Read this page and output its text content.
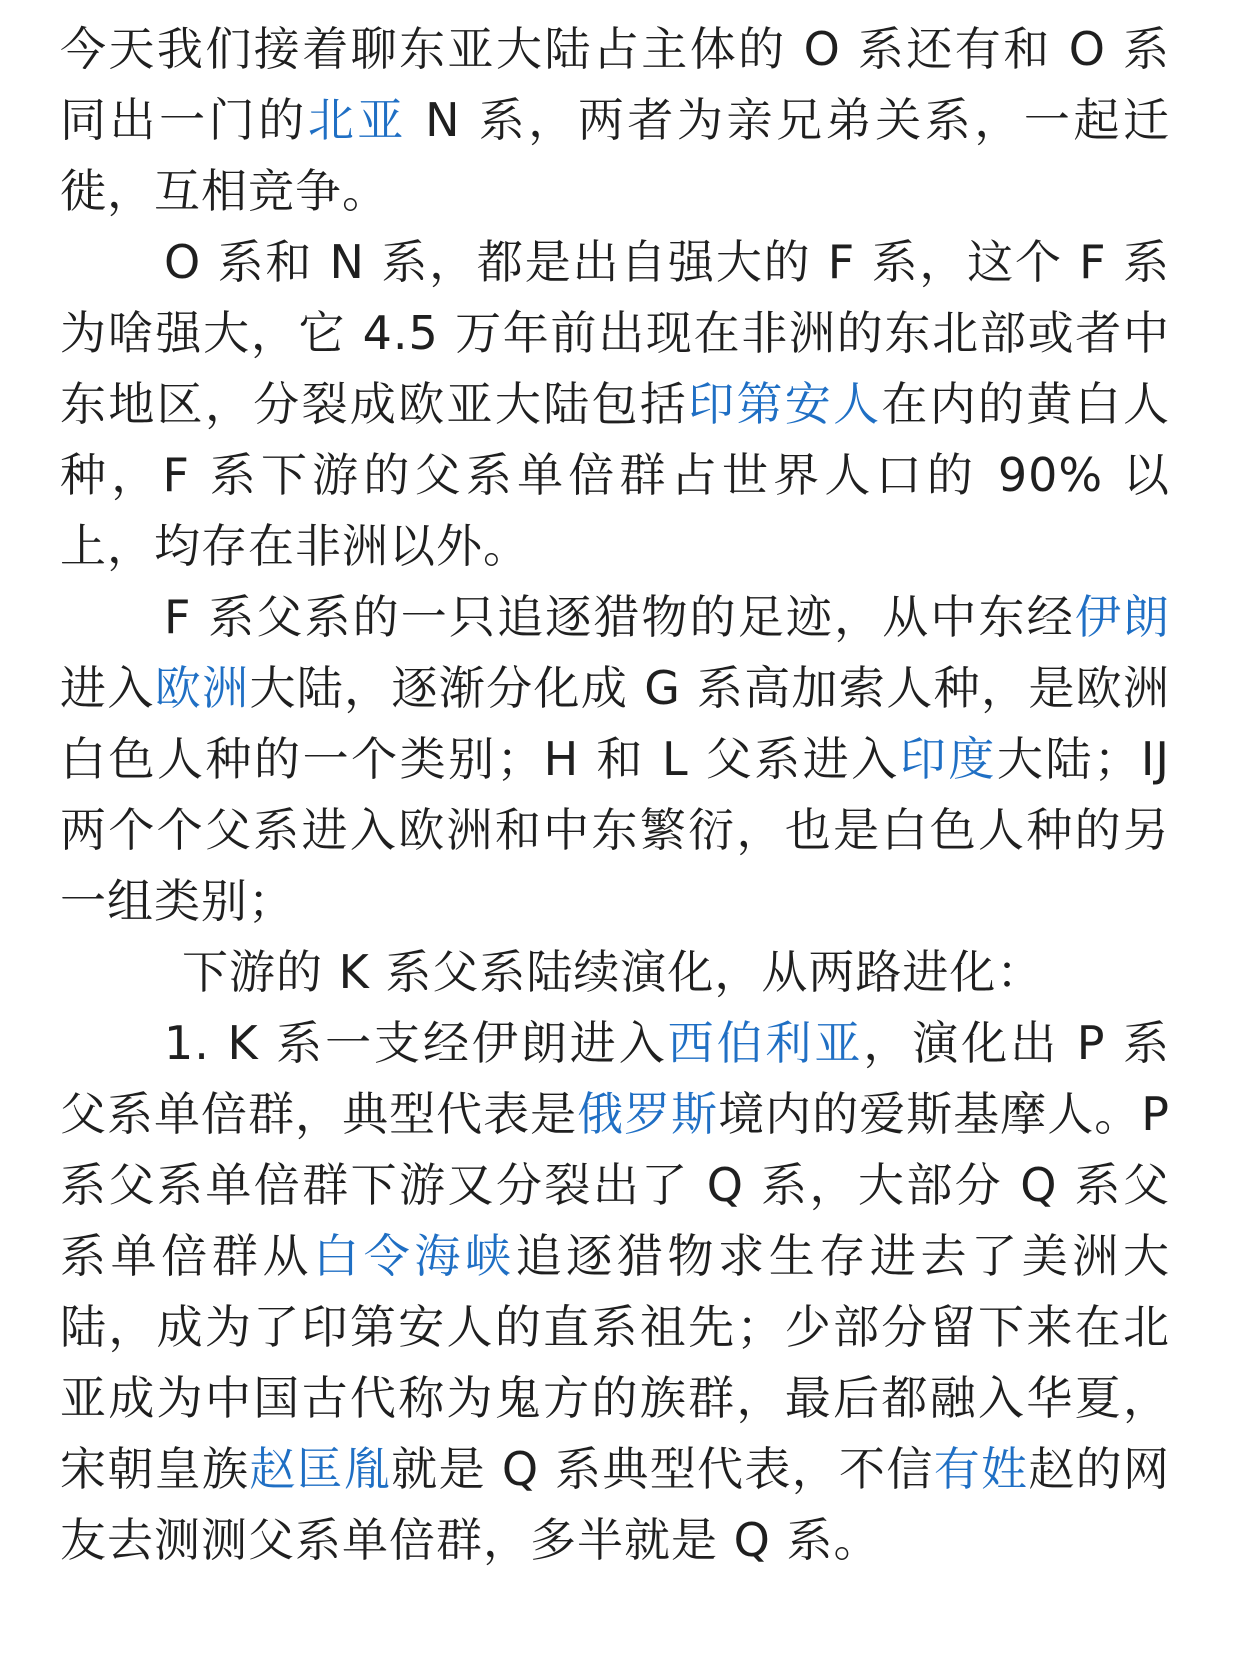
今天我们接着聊东亚大陆占主体的 O 系还有和 O 系同出一门的北亚 N 系，两者为亲兄弟关系，一起迁徙，互相竞争。

O 系和 N 系，都是出自强大的 F 系，这个 F 系为啥强大，它 4.5 万年前出现在非洲的东北部或者中东地区，分裂成欧亚大陆包括印第安人在内的黄白人种，F 系下游的父系单倍群占世界人口的 90% 以上，均存在非洲以外。

F 系父系的一只追逐猎物的足迹，从中东经伊朗进入欧洲大陆，逐渐分化成 G 系高加索人种，是欧洲白色人种的一个类别；H 和 L 父系进入印度大陆；IJ 两个个父系进入欧洲和中东繁衍，也是白色人种的另一组类别；

下游的 K 系父系陆续演化，从两路进化：

1. K 系一支经伊朗进入西伯利亚，演化出 P 系父系单倍群，典型代表是俄罗斯境内的爱斯基摩人。P 系父系单倍群下游又分裂出了 Q 系，大部分 Q 系父系单倍群从白令海峡追逐猎物求生存进去了美洲大陆，成为了印第安人的直系祖先；少部分留下来在北亚成为中国古代称为鬼方的族群，最后都融入华夏，宋朝皇族赵匡胤就是 Q 系典型代表，不信有姓赵的网友去测测父系单倍群，多半就是 Q 系。
